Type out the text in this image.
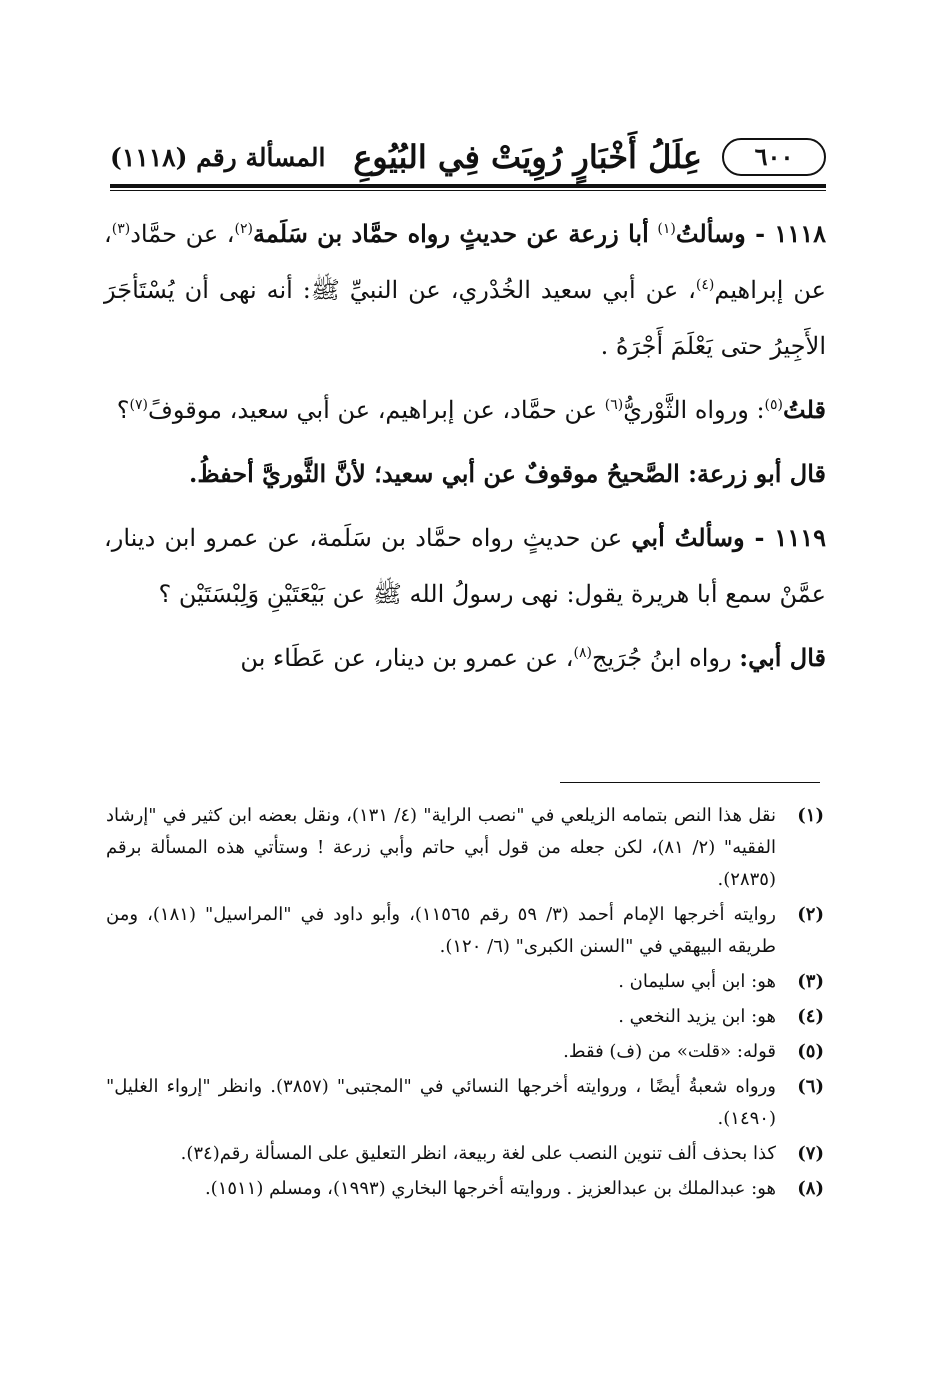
٦٠٠
عِلَلُ أَخْبَارٍ رُوِيَتْ فِي البُيُوعِ
المسألة رقم (١١١٨)

١١١٨ - وسألتُ$^{(١)}$ أبا زرعة عن حديثٍ رواه حمَّاد بن سَلَمة$^{(٢)}$، عن حمَّاد$^{(٣)}$، عن إبراهيم$^{(٤)}$، عن أبي سعيد الخُدْري، عن النبيِّ ﷺ: أنه نهى أن يُسْتَأجَرَ الأَجِيرُ حتى يَعْلَمَ أَجْرَهُ .

قلتُ$^{(٥)}$: ورواه الثَّوْريُّ$^{(٦)}$ عن حمَّاد، عن إبراهيم، عن أبي سعيد، موقوفً$^{(٧)}$؟

قال أبو زرعة: الصَّحيحُ موقوفٌ عن أبي سعيد؛ لأنَّ الثَّوريَّ أحفظُ.

١١١٩ - وسألتُ أبي عن حديثٍ رواه حمَّاد بن سَلَمة، عن عمرو ابن دينار، عمَّنْ سمع أبا هريرة يقول: نهى رسولُ الله ﷺ عن بَيْعَتَيْنِ وَلِبْسَتَيْن ؟

قال أبي: رواه ابنُ جُرَيج$^{(٨)}$، عن عمرو بن دينار، عن عَطَاء بن

(١)
نقل هذا النص بتمامه الزيلعي في "نصب الراية" (٤/ ١٣١)، ونقل بعضه ابن كثير في "إرشاد الفقيه" (٢/ ٨١)، لكن جعله من قول أبي حاتم وأبي زرعة ! وستأتي هذه المسألة برقم (٢٨٣٥).
(٢)
روايته أخرجها الإمام أحمد (٣/ ٥٩ رقم ١١٥٦٥)، وأبو داود في "المراسيل" (١٨١)، ومن طريقه البيهقي في "السنن الكبرى" (٦/ ١٢٠).
(٣)
هو: ابن أبي سليمان .
(٤)
هو: ابن يزيد النخعي .
(٥)
قوله: «قلت» من (ف) فقط.
(٦)
ورواه شعبةُ أيضًا ، وروايته أخرجها النسائي في "المجتبى" (٣٨٥٧). وانظر "إرواء الغليل" (١٤٩٠).
(٧)
كذا بحذف ألف تنوين النصب على لغة ربيعة، انظر التعليق على المسألة رقم(٣٤).
(٨)
هو: عبدالملك بن عبدالعزيز . وروايته أخرجها البخاري (١٩٩٣)، ومسلم (١٥١١).
